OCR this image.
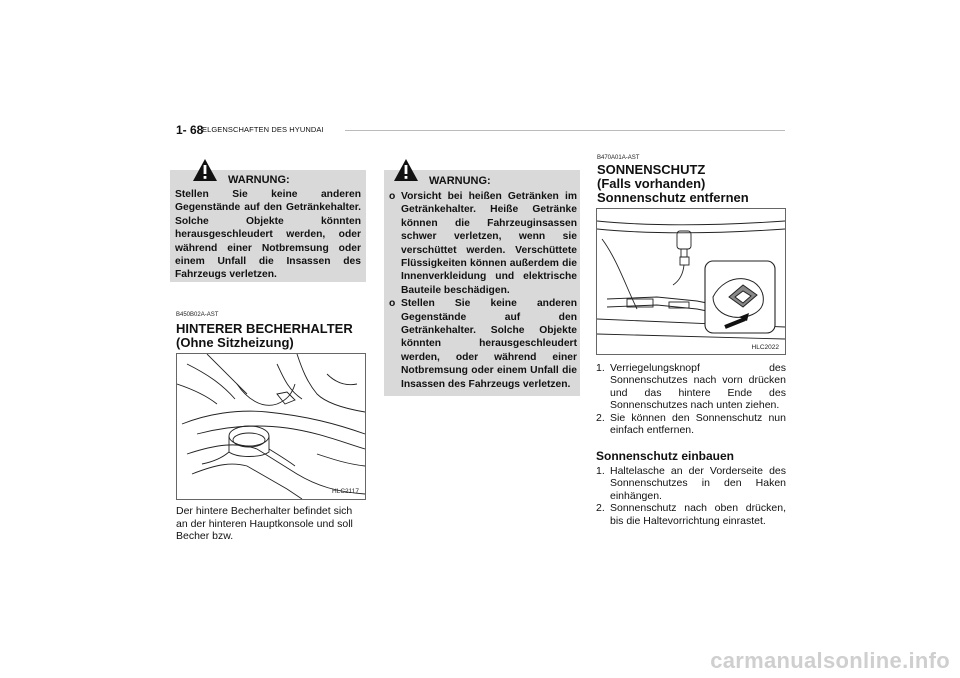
1- 68
ELGENSCHAFTEN DES HYUNDAI
WARNUNG:
Stellen Sie keine anderen Gegenstände auf den Getränkehalter. Solche Objekte könnten herausgeschleudert werden, oder während einer Notbremsung oder einem Unfall die Insassen des Fahrzeugs verletzen.
B450B02A-AST
HINTERER BECHERHALTER
(Ohne Sitzheizung)
HLC2117
Der hintere Becherhalter befindet sich an der hinteren Hauptkonsole und soll Becher bzw.
WARNUNG:
o Vorsicht bei heißen Getränken im Getränkehalter. Heiße Getränke können die Fahrzeuginsassen schwer verletzen, wenn sie verschüttet werden. Verschüttete Flüssigkeiten können außerdem die Innenverkleidung und elektrische Bauteile beschädigen.
o Stellen Sie keine anderen Gegenstände auf den Getränkehalter. Solche Objekte könnten herausgeschleudert werden, oder während einer Notbremsung oder einem Unfall die Insassen des Fahrzeugs verletzen.
B470A01A-AST
SONNENSCHUTZ
(Falls vorhanden)
Sonnenschutz entfernen
HLC2022
1. Verriegelungsknopf des Sonnenschutzes nach vorn drücken und das hintere Ende des Sonnenschutzes nach unten ziehen.
2. Sie können den Sonnenschutz nun einfach entfernen.
Sonnenschutz einbauen
1. Haltelasche an der Vorderseite des Sonnenschutzes in den Haken einhängen.
2. Sonnenschutz nach oben drücken, bis die Haltevorrichtung einrastet.
carmanualsonline.info
